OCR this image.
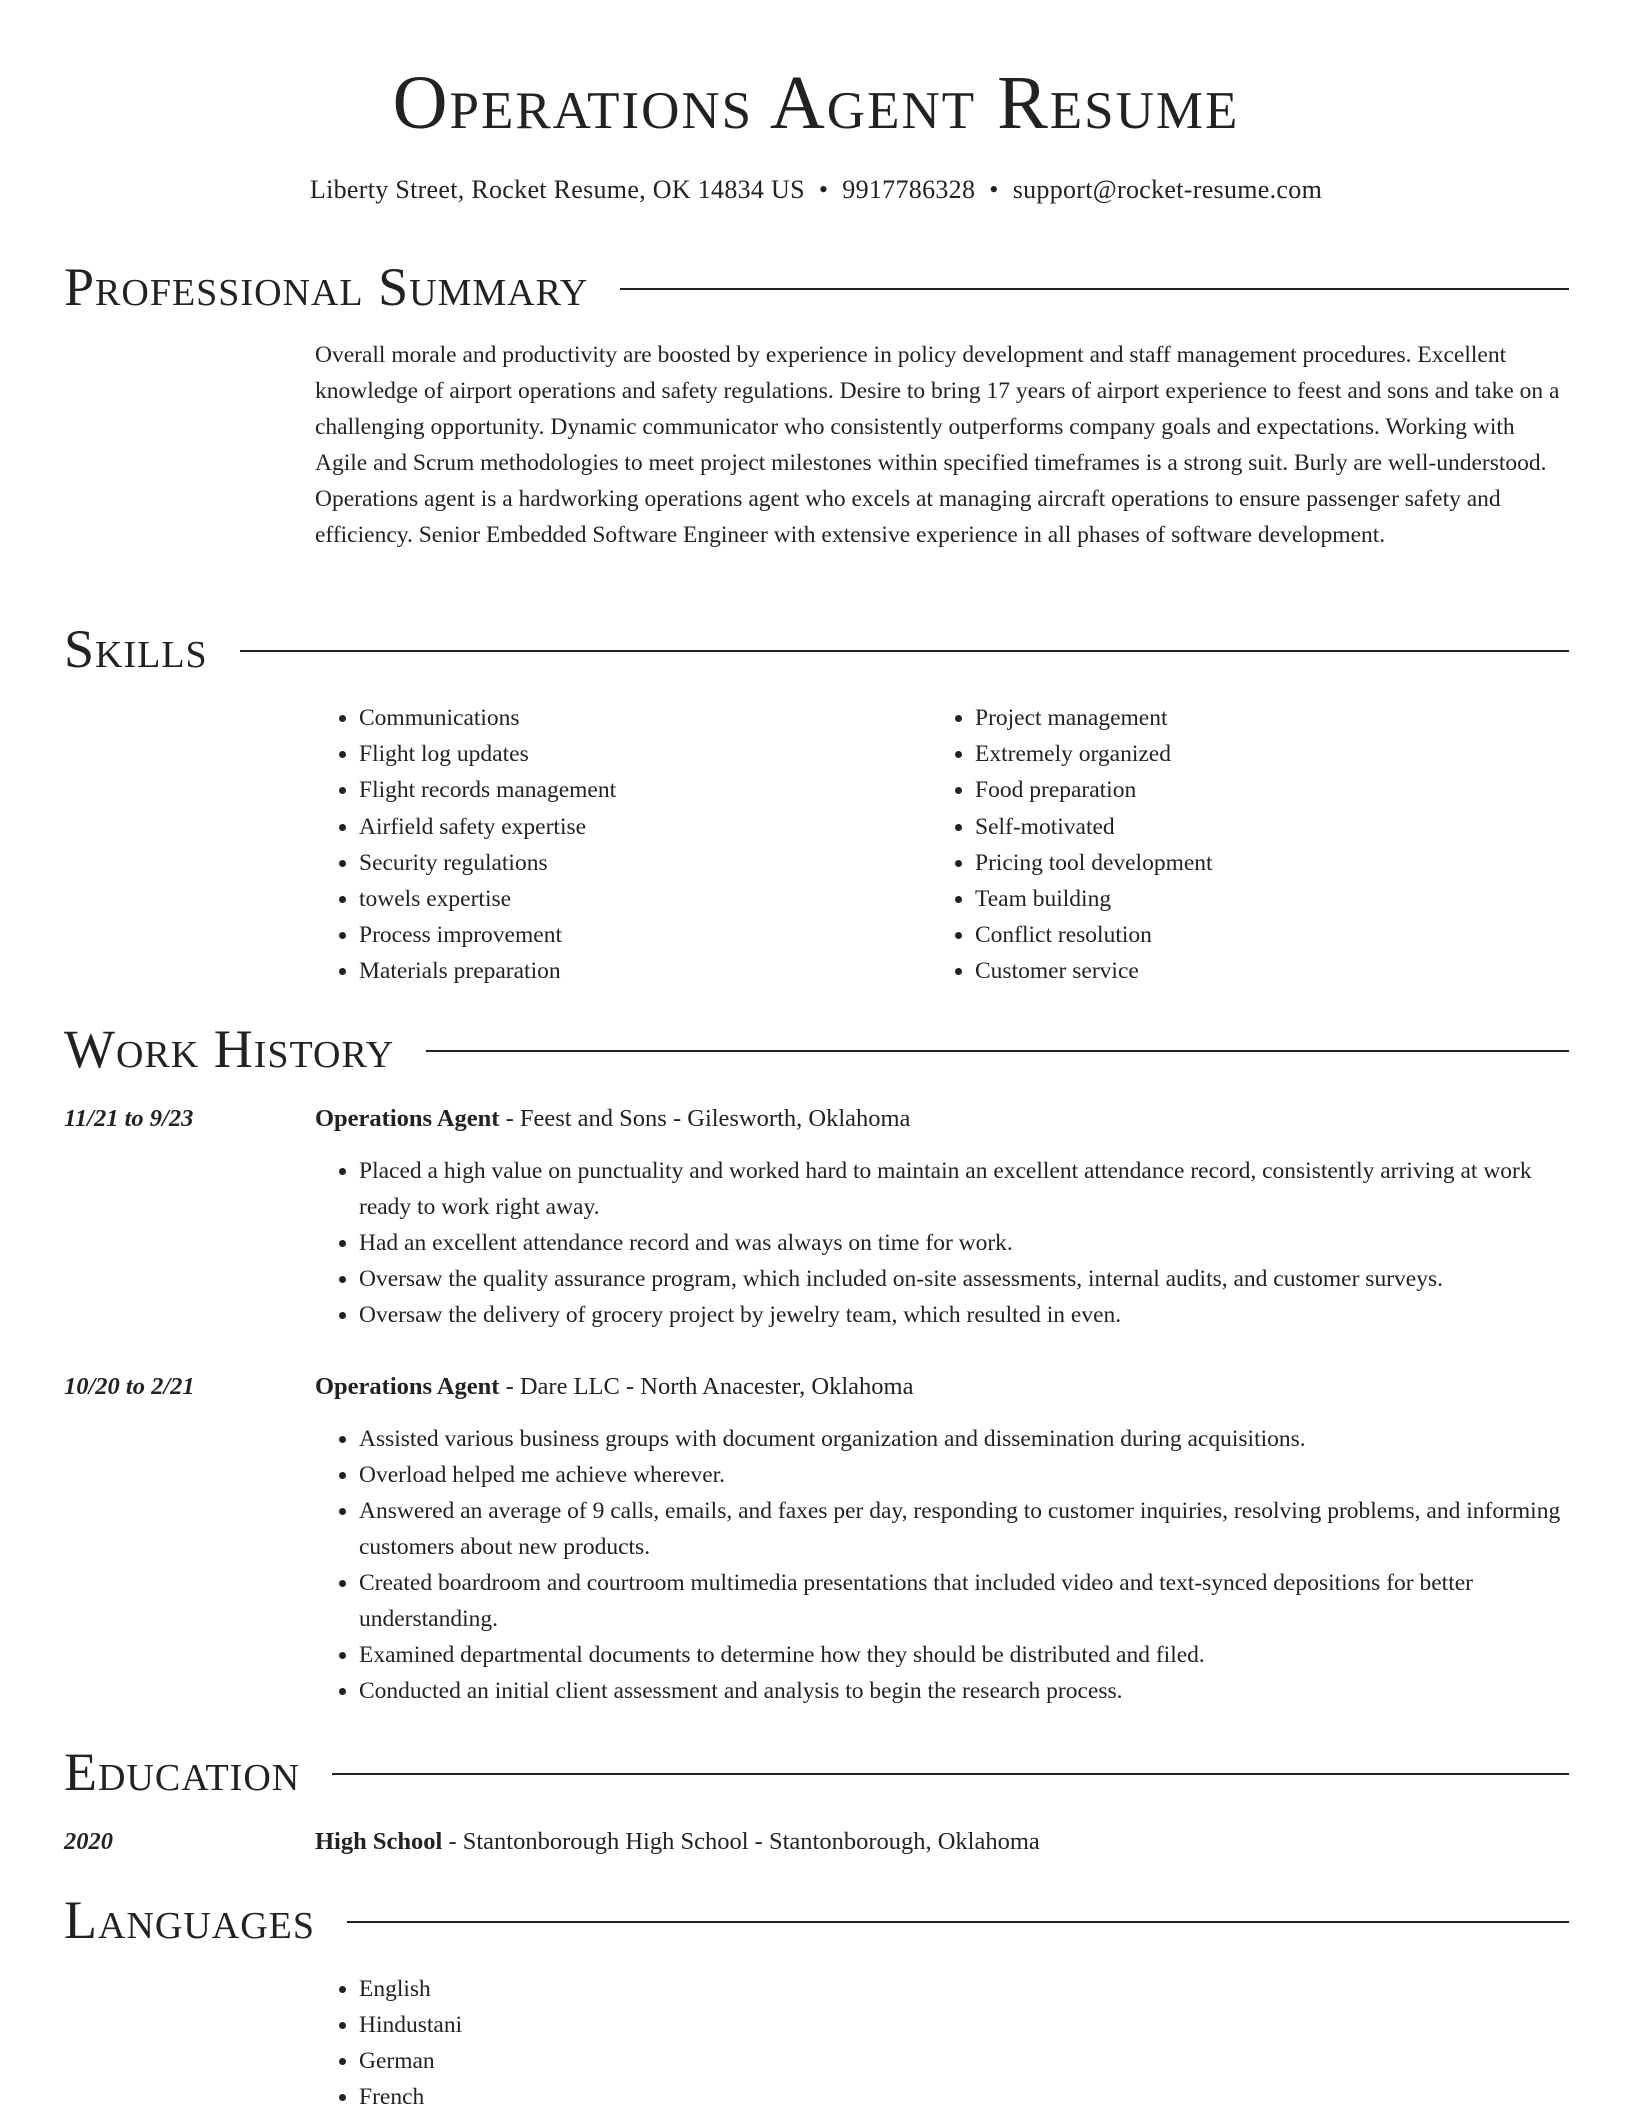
Operations Agent Resume
Liberty Street, Rocket Resume, OK 14834 US • 9917786328 • support@rocket-resume.com
Professional Summary
Overall morale and productivity are boosted by experience in policy development and staff management procedures. Excellent knowledge of airport operations and safety regulations. Desire to bring 17 years of airport experience to feest and sons and take on a challenging opportunity. Dynamic communicator who consistently outperforms company goals and expectations. Working with Agile and Scrum methodologies to meet project milestones within specified timeframes is a strong suit. Burly are well-understood. Operations agent is a hardworking operations agent who excels at managing aircraft operations to ensure passenger safety and efficiency. Senior Embedded Software Engineer with extensive experience in all phases of software development.
Skills
• Communications
• Flight log updates
• Flight records management
• Airfield safety expertise
• Security regulations
• towels expertise
• Process improvement
• Materials preparation
• Project management
• Extremely organized
• Food preparation
• Self-motivated
• Pricing tool development
• Team building
• Conflict resolution
• Customer service
Work History
11/21 to 9/23	Operations Agent - Feest and Sons - Gilesworth, Oklahoma
• Placed a high value on punctuality and worked hard to maintain an excellent attendance record, consistently arriving at work ready to work right away.
• Had an excellent attendance record and was always on time for work.
• Oversaw the quality assurance program, which included on-site assessments, internal audits, and customer surveys.
• Oversaw the delivery of grocery project by jewelry team, which resulted in even.
10/20 to 2/21	Operations Agent - Dare LLC - North Anacester, Oklahoma
• Assisted various business groups with document organization and dissemination during acquisitions.
• Overload helped me achieve wherever.
• Answered an average of 9 calls, emails, and faxes per day, responding to customer inquiries, resolving problems, and informing customers about new products.
• Created boardroom and courtroom multimedia presentations that included video and text-synced depositions for better understanding.
• Examined departmental documents to determine how they should be distributed and filed.
• Conducted an initial client assessment and analysis to begin the research process.
Education
2020	High School - Stantonborough High School - Stantonborough, Oklahoma
Languages
• English
• Hindustani
• German
• French
